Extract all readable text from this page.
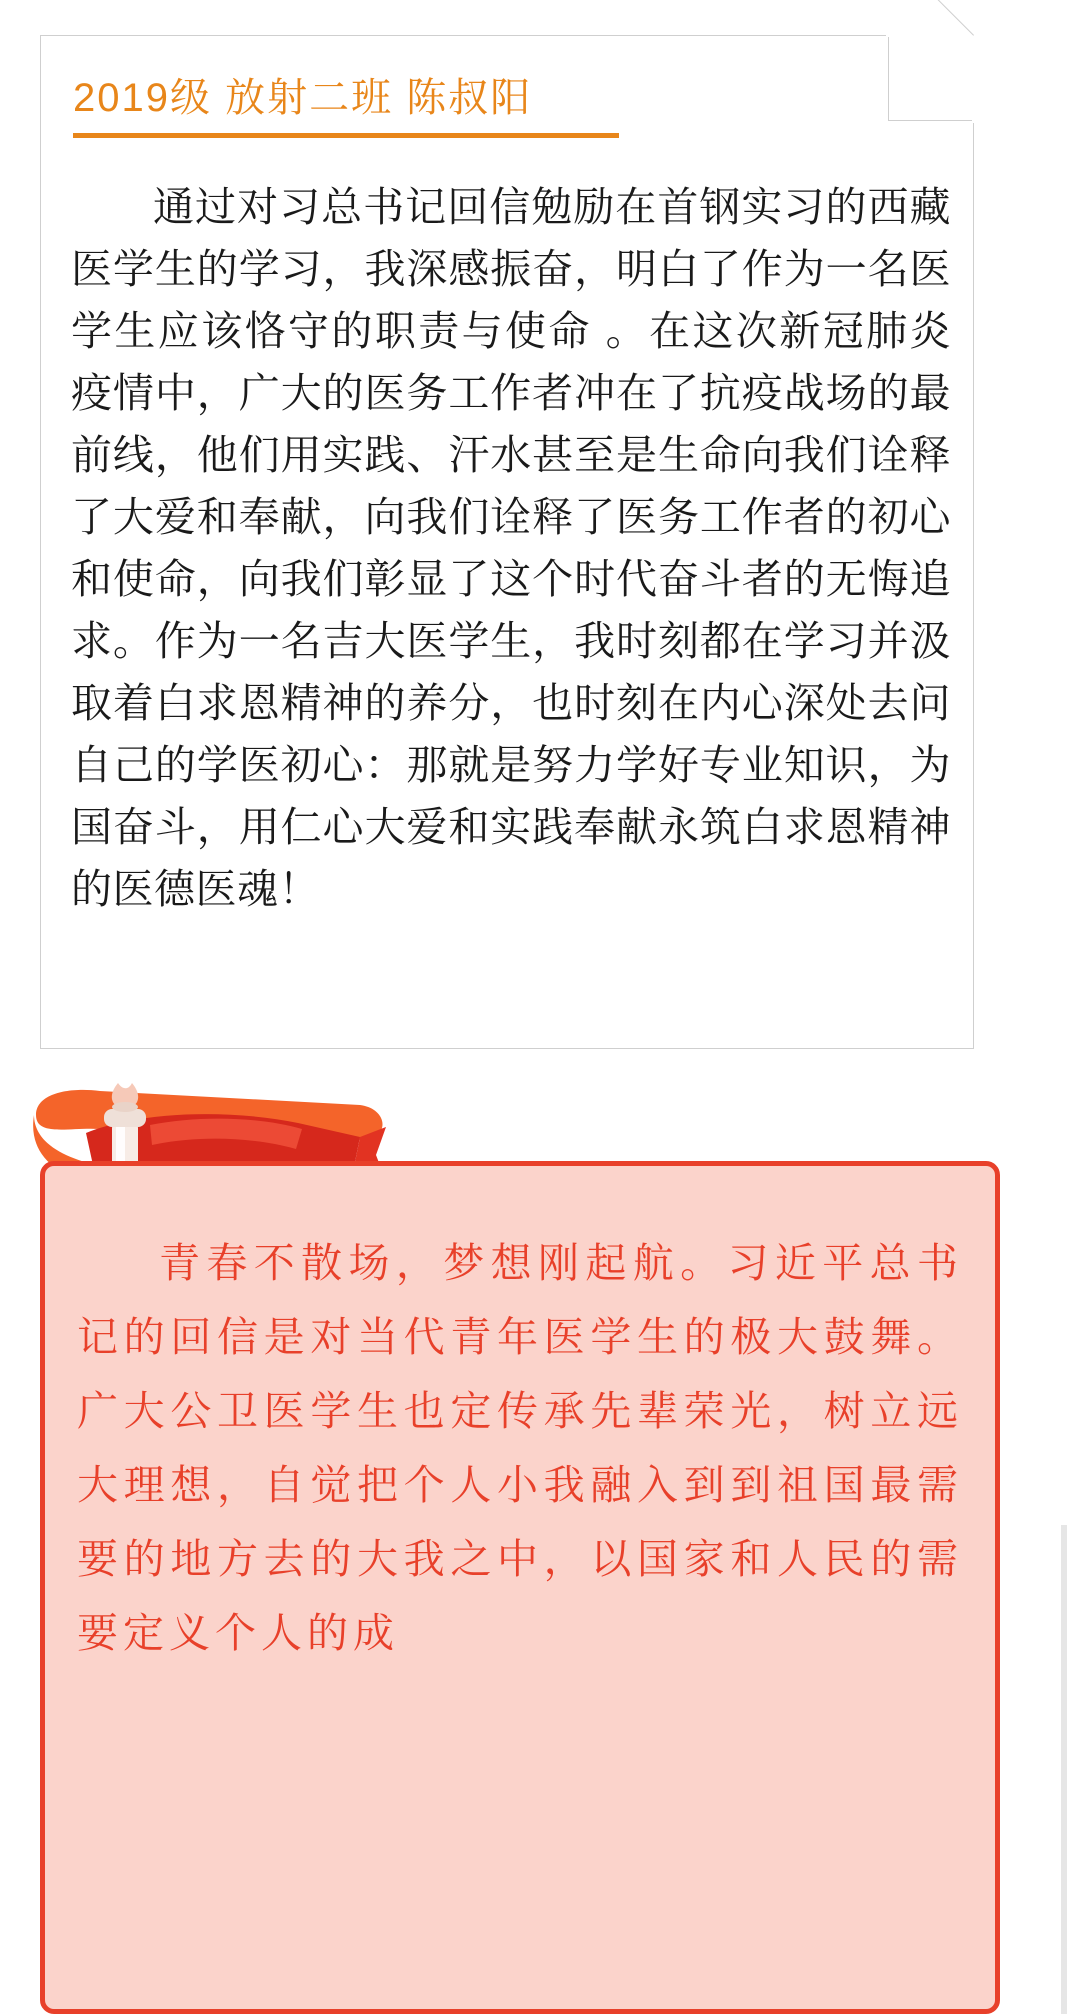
2019级 放射二班 陈叔阳
通过对习总书记回信勉励在首钢实习的西藏医学生的学习，我深感振奋，明白了作为一名医学生应该恪守的职责与使命 。在这次新冠肺炎疫情中，广大的医务工作者冲在了抗疫战场的最前线，他们用实践、汗水甚至是生命向我们诠释了大爱和奉献，向我们诠释了医务工作者的初心和使命，向我们彰显了这个时代奋斗者的无悔追求。作为一名吉大医学生，我时刻都在学习并汲取着白求恩精神的养分，也时刻在内心深处去问自己的学医初心：那就是努力学好专业知识，为国奋斗，用仁心大爱和实践奉献永筑白求恩精神的医德医魂！
青春不散场，梦想刚起航。习近平总书记的回信是对当代青年医学生的极大鼓舞。广大公卫医学生也定传承先辈荣光，树立远大理想，自觉把个人小我融入到到祖国最需要的地方去的大我之中，以国家和人民的需要定义个人的成
